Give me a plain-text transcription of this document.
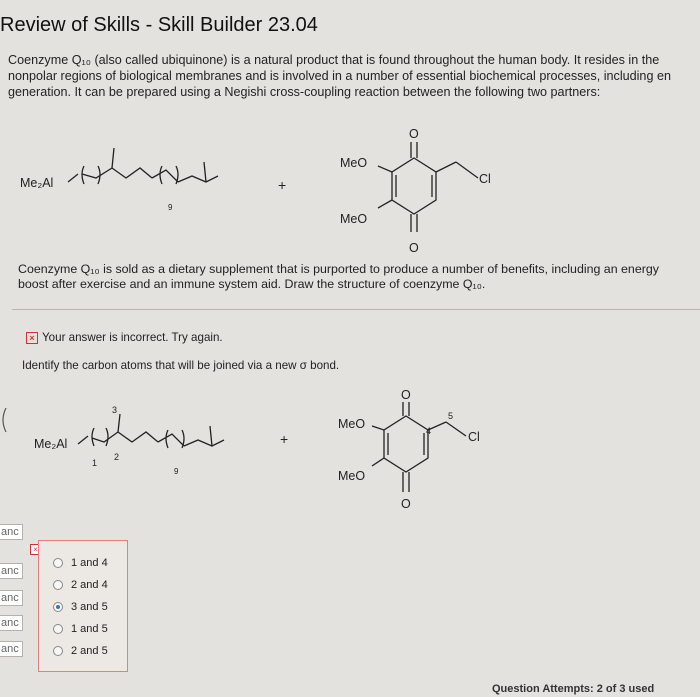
Review of Skills - Skill Builder 23.04
Coenzyme Q₁₀ (also called ubiquinone) is a natural product that is found throughout the human body. It resides in the
nonpolar regions of biological membranes and is involved in a number of essential biochemical processes, including en
generation. It can be prepared using a Negishi cross-coupling reaction between the following two partners:
Me₂Al
9
+
MeO
MeO
Cl
O
O
Coenzyme Q₁₀ is sold as a dietary supplement that is purported to produce a number of benefits, including an energy
boost after exercise and an immune system aid. Draw the structure of coenzyme Q₁₀.
× Your answer is incorrect. Try again.
Identify the carbon atoms that will be joined via a new σ bond.
Me₂Al
1
2
3
9
+
MeO
MeO
4
5
Cl
O
O
anc
anc
anc
anc
anc
×
1 and 4
2 and 4
3 and 5
1 and 5
2 and 5
Question Attempts: 2 of 3 used
